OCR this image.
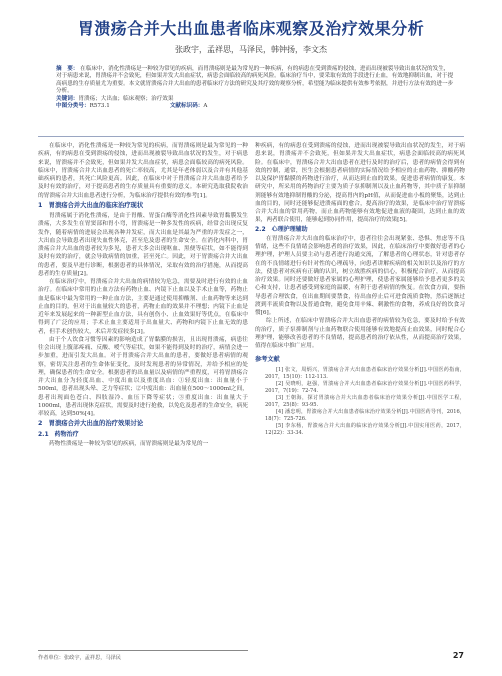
胃溃疡合并大出血患者临床观察及治疗效果分析
张政宇，孟祥思，马泽民，韩钟扬，李文杰
摘　要： 在临床中，消化性溃疡是一种较为常见的疾病，而胃溃疡则是最为常见的一种疾病，有的病患在受到溃疡的侵蚀，进而出现被裂导致出血状况的发生，对于病患来说，胃溃疡并不会致死，但如果并发大出血症状，病患会面临较高的病死风险。临床治疗当中，要采取有效的手段进行止血，有效地抑制出血，对于提高病患的生存质量尤为重要。本文就胃溃疡合并大出血的患者临床疗方法的研究及其疗效的观察分析，希望能为临床提供有效参考依据，并进行方法有效的进一步分析。
关键词：胃溃疡；大出血；临床观察；治疗效果
中图分类号：R573.1	文献标识码：A

在临床中，消化性溃疡是一种较为常见的疾病，而胃溃疡则是最为常见的一种疾病，有的病患在受到溃疡的侵蚀，进而出现被裂导致出血状况的发生，对于病患来说，胃溃疡并不会致死，但如果并发大出血症状，病患会面临较高的病死风险。临床中，胃溃疡合并大出血患者的死亡率较高，尤其是年老体弱以及合并有其他基础疾病的患者，其死亡风险更高。因此，在临床中对于胃溃疡合并大出血患者给予及时有效的治疗，对于提高患者的生存质量具有重要的意义。本研究选取我院收治的胃溃疡合并大出血患者进行分析，为临床治疗提供有效的参考[1]。

1　胃溃疡合并大出血的临床治疗现状

胃溃疡属于消化性溃疡，是由于胃酸、胃蛋白酶等消化性因素导致胃黏膜发生溃疡，大多发生在胃窦部和胃小弯，胃溃疡是一种多发性的疾病，经常会出现反复发作，随着病情的进展会出现各种并发症，而大出血是其最为严重的并发症之一，大出血会导致患者出现失血性休克，甚至危及患者的生命安全。在消化内科中，胃溃疡合并大出血的患者较为多见，患者大多会出现呕血、黑便等症状，如不能得到及时有效的治疗，就会导致病情的加重，甚至死亡。因此，对于胃溃疡合并大出血的患者，要及早进行诊断，根据患者的具体情况，采取有效的治疗措施，从而提高患者的生存质量[2]。

在临床治疗中，胃溃疡合并大出血的病情较为危急，需要及时进行有效的止血治疗。在临床中常用的止血方法有药物止血、内镜下止血以及手术止血等，药物止血是临床中最为常用的一种止血方法，主要是通过使用抑酸剂、止血药物等来达到止血的目的，但对于出血量较大的患者，药物止血的效果并不理想；内镜下止血是近年来发展起来的一种新型止血方法，具有创伤小、止血效果好等优点，在临床中得到了广泛的应用；手术止血主要适用于出血量大、药物和内镜下止血无效的患者，但手术创伤较大，术后并发症较多[3]。

由于个人饮食习惯等因素的影响造成了胃黏膜的损害，且出现胃溃疡，病患往往会出现上腹部疼痛、反酸、嗳气等症状，如果不能得到及时的治疗，病情会进一步加重，进而引发大出血。对于胃溃疡合并大出血的患者，要做好患者病情的观察，密切关注患者的生命体征变化，及时发现患者的异常情况，并给予相应的处理，确保患者的生命安全。根据患者的出血量以及病情的严重程度，可将胃溃疡合并大出血分为轻度出血、中度出血以及重度出血：①轻度出血：出血量小于500ml，患者出现头晕、乏力等症状；②中度出血：出血量在500～1000ml之间，患者出现面色苍白、四肢湿冷、血压下降等症状；③重度出血：出血量大于1000ml，患者出现休克症状，需要及时进行抢救，以免危及患者的生命安全，病死率较高，达到50%[4]。

2　胃溃疡合并大出血的治疗效果讨论
2.1　药物治疗

药物性溃疡是一种较为常见的疾病，而胃溃疡则是最为常见的一

种疾病，有的病患在受到溃疡的侵蚀，进而出现被裂导致出血状况的发生，对于病患来说，胃溃疡并不会致死，但如果并发大出血症状，病患会面临较高的病死风险。在临床中，胃溃疡合并大出血患者在进行及时的治疗后，患者的病情会得到有效的控制，通常，医生会根据患者病情的实际情况给予相应的止血药物、抑酸药物以及保护胃黏膜的药物进行治疗，从而达到止血的效果，促进患者病情的康复。本研究中，所采用的药物治疗主要为质子泵抑制剂以及止血药物等，其中质子泵抑制剂能够有效地抑制胃酸的分泌，提高胃内的pH值，从而促进血小板的聚集，达到止血的目的，同时还能够促进溃疡面的愈合，提高治疗的效果，是临床中治疗胃溃疡合并大出血的常用药物，而止血药物能够有效地促进血液的凝固，达到止血的效果，两者联合使用，能够起到协同作用，提高治疗的效果[5]。

2.2　心理护理辅助

在胃溃疡合并大出血的临床治疗中，患者往往会出现紧张、恐惧、焦虑等不良情绪，这些不良情绪会影响患者的治疗效果，因此，在临床治疗中要做好患者的心理护理，护理人员要主动与患者进行沟通交流，了解患者的心理状态，针对患者存在的不良情绪进行有针对性的心理疏导，向患者讲解疾病的相关知识以及治疗的方法，使患者对疾病有正确的认识，树立战胜疾病的信心，积极配合治疗，从而提高治疗效果。同时还要做好患者家属的心理护理，使患者家属能够给予患者更多的关心和支持，让患者感受到家庭的温暖，有利于患者病情的恢复。在饮食方面，要指导患者合理饮食，在出血期间要禁食，待出血停止后可进食流质食物，然后逐渐过渡到半流质食物以及普通食物，避免食用辛辣、刺激性的食物，养成良好的饮食习惯[6]。

综上所述，在临床中胃溃疡合并大出血患者的病情较为危急，要及时给予有效的治疗，质子泵抑制剂与止血药物联合使用能够有效地提高止血效果，同时配合心理护理，能够改善患者的不良情绪，提高患者的治疗依从性，从而提高治疗效果，值得在临床中推广应用。

参考文献

[1] 张文，周炳兴，胃溃疡合并大出血患者临床治疗效果分析[J].中国医药指南，2017，15(10)：112-113.

[2] 吴晓明，赵强，胃溃疡合并大出血患者临床治疗效果分析[J].中国医药科学，2017，7(19)：72-74.

[3] 王朝海，探讨胃溃疡合并大出血患者临床治疗效果分析[J].中国医学工程，2017，25(8)：93-95.

[4] 潘忠明，胃溃疡合并大出血患者临床治疗效果分析[J].中国医药导刊，2016，18(7)：725-726.

[5] 李东杨，胃溃疡合并大出血的临床治疗效果分析[J].中国实用医药，2017，12(22)：33-34.

作者单位：张政宇，孟祥思，马泽民	27
